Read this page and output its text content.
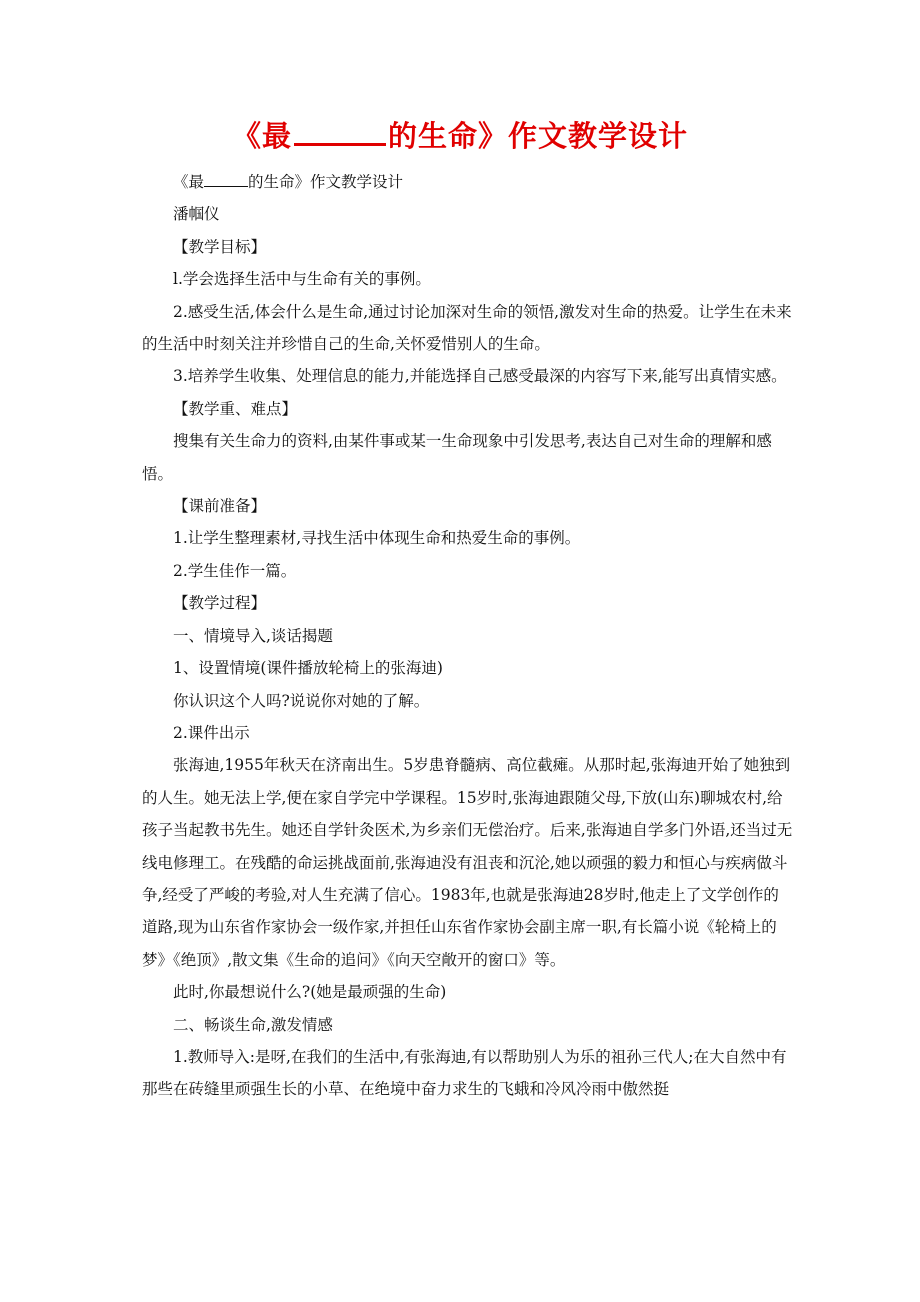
《最	的生命》作文教学设计

《最	的生命》作文教学设计

潘帼仪

【教学目标】

l.学会选择生活中与生命有关的事例。

2.感受生活,体会什么是生命,通过讨论加深对生命的领悟,激发对生命的热爱。让学生在未来的生活中时刻关注并珍惜自己的生命,关怀爱惜别人的生命。

3.培养学生收集、处理信息的能力,并能选择自己感受最深的内容写下来,能写出真情实感。

【教学重、难点】

搜集有关生命力的资料,由某件事或某一生命现象中引发思考,表达自己对生命的理解和感悟。

【课前准备】

1.让学生整理素材,寻找生活中体现生命和热爱生命的事例。

2.学生佳作一篇。

【教学过程】

一、情境导入,谈话揭题

1、设置情境(课件播放轮椅上的张海迪)

你认识这个人吗?说说你对她的了解。

2.课件出示

张海迪,1955年秋天在济南出生。5岁患脊髓病、高位截瘫。从那时起,张海迪开始了她独到的人生。她无法上学,便在家自学完中学课程。15岁时,张海迪跟随父母,下放(山东)聊城农村,给孩子当起教书先生。她还自学针灸医术,为乡亲们无偿治疗。后来,张海迪自学多门外语,还当过无线电修理工。在残酷的命运挑战面前,张海迪没有沮丧和沉沦,她以顽强的毅力和恒心与疾病做斗争,经受了严峻的考验,对人生充满了信心。1983年,也就是张海迪28岁时,他走上了文学创作的道路,现为山东省作家协会一级作家,并担任山东省作家协会副主席一职,有长篇小说《轮椅上的梦》《绝顶》,散文集《生命的追问》《向天空敞开的窗口》等。

此时,你最想说什么?(她是最顽强的生命)

二、畅谈生命,激发情感

1.教师导入:是呀,在我们的生活中,有张海迪,有以帮助别人为乐的祖孙三代人;在大自然中有那些在砖缝里顽强生长的小草、在绝境中奋力求生的飞蛾和冷风冷雨中傲然挺
